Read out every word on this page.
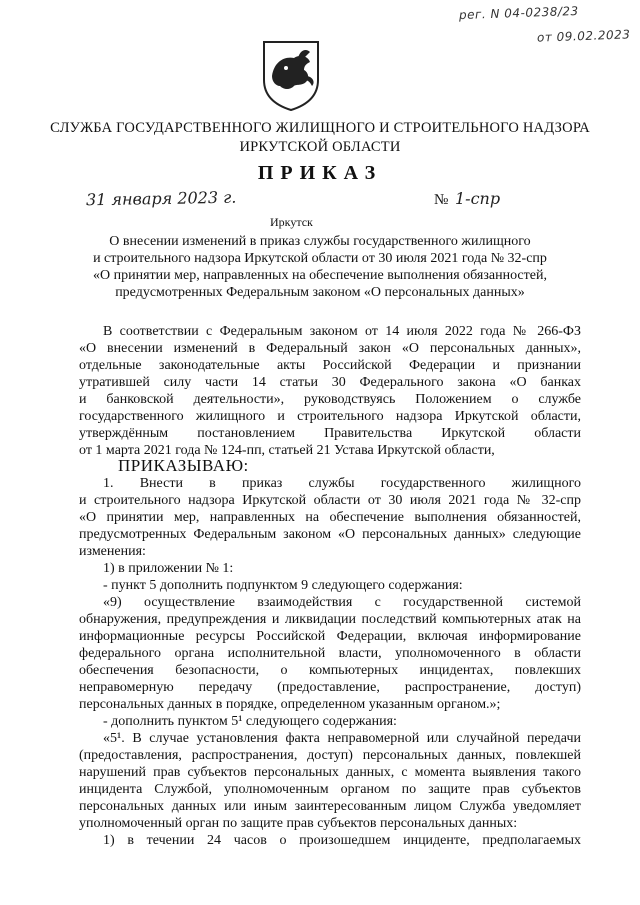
рег. N 04-0238/23
от 09.02.2023
СЛУЖБА ГОСУДАРСТВЕННОГО ЖИЛИЩНОГО И СТРОИТЕЛЬНОГО НАДЗОРА
ИРКУТСКОЙ ОБЛАСТИ
ПРИКАЗ
31 января 2023 г.	№ 1-спр
Иркутск
О внесении изменений в приказ службы государственного жилищного
и строительного надзора Иркутской области от 30 июля 2021 года № 32-спр
«О принятии мер, направленных на обеспечение выполнения обязанностей,
предусмотренных Федеральным законом «О персональных данных»
В соответствии с Федеральным законом от 14 июля 2022 года № 266-ФЗ
«О внесении изменений в Федеральный закон «О персональных данных»,
отдельные законодательные акты Российской Федерации и признании
утратившей силу части 14 статьи 30 Федерального закона «О банках
и банковской деятельности», руководствуясь Положением о службе
государственного жилищного и строительного надзора Иркутской области,
утверждённым постановлением Правительства Иркутской области
от 1 марта 2021 года № 124-пп, статьей 21 Устава Иркутской области,
ПРИКАЗЫВАЮ:
1. Внести в приказ службы государственного жилищного
и строительного надзора Иркутской области от 30 июля 2021 года № 32-спр
«О принятии мер, направленных на обеспечение выполнения обязанностей,
предусмотренных Федеральным законом «О персональных данных» следующие
изменения:
1) в приложении № 1:
- пункт 5 дополнить подпунктом 9 следующего содержания:
«9) осуществление взаимодействия с государственной системой
обнаружения, предупреждения и ликвидации последствий компьютерных атак на
информационные ресурсы Российской Федерации, включая информирование
федерального органа исполнительной власти, уполномоченного в области
обеспечения безопасности, о компьютерных инцидентах, повлекших
неправомерную передачу (предоставление, распространение, доступ)
персональных данных в порядке, определенном указанным органом.»;
- дополнить пунктом 5¹ следующего содержания:
«5¹. В случае установления факта неправомерной или случайной передачи
(предоставления, распространения, доступ) персональных данных, повлекшей
нарушений прав субъектов персональных данных, с момента выявления такого
инцидента Службой, уполномоченным органом по защите прав субъектов
персональных данных или иным заинтересованным лицом Служба уведомляет
уполномоченный орган по защите прав субъектов персональных данных:
1) в течении 24 часов о произошедшем инциденте, предполагаемых
